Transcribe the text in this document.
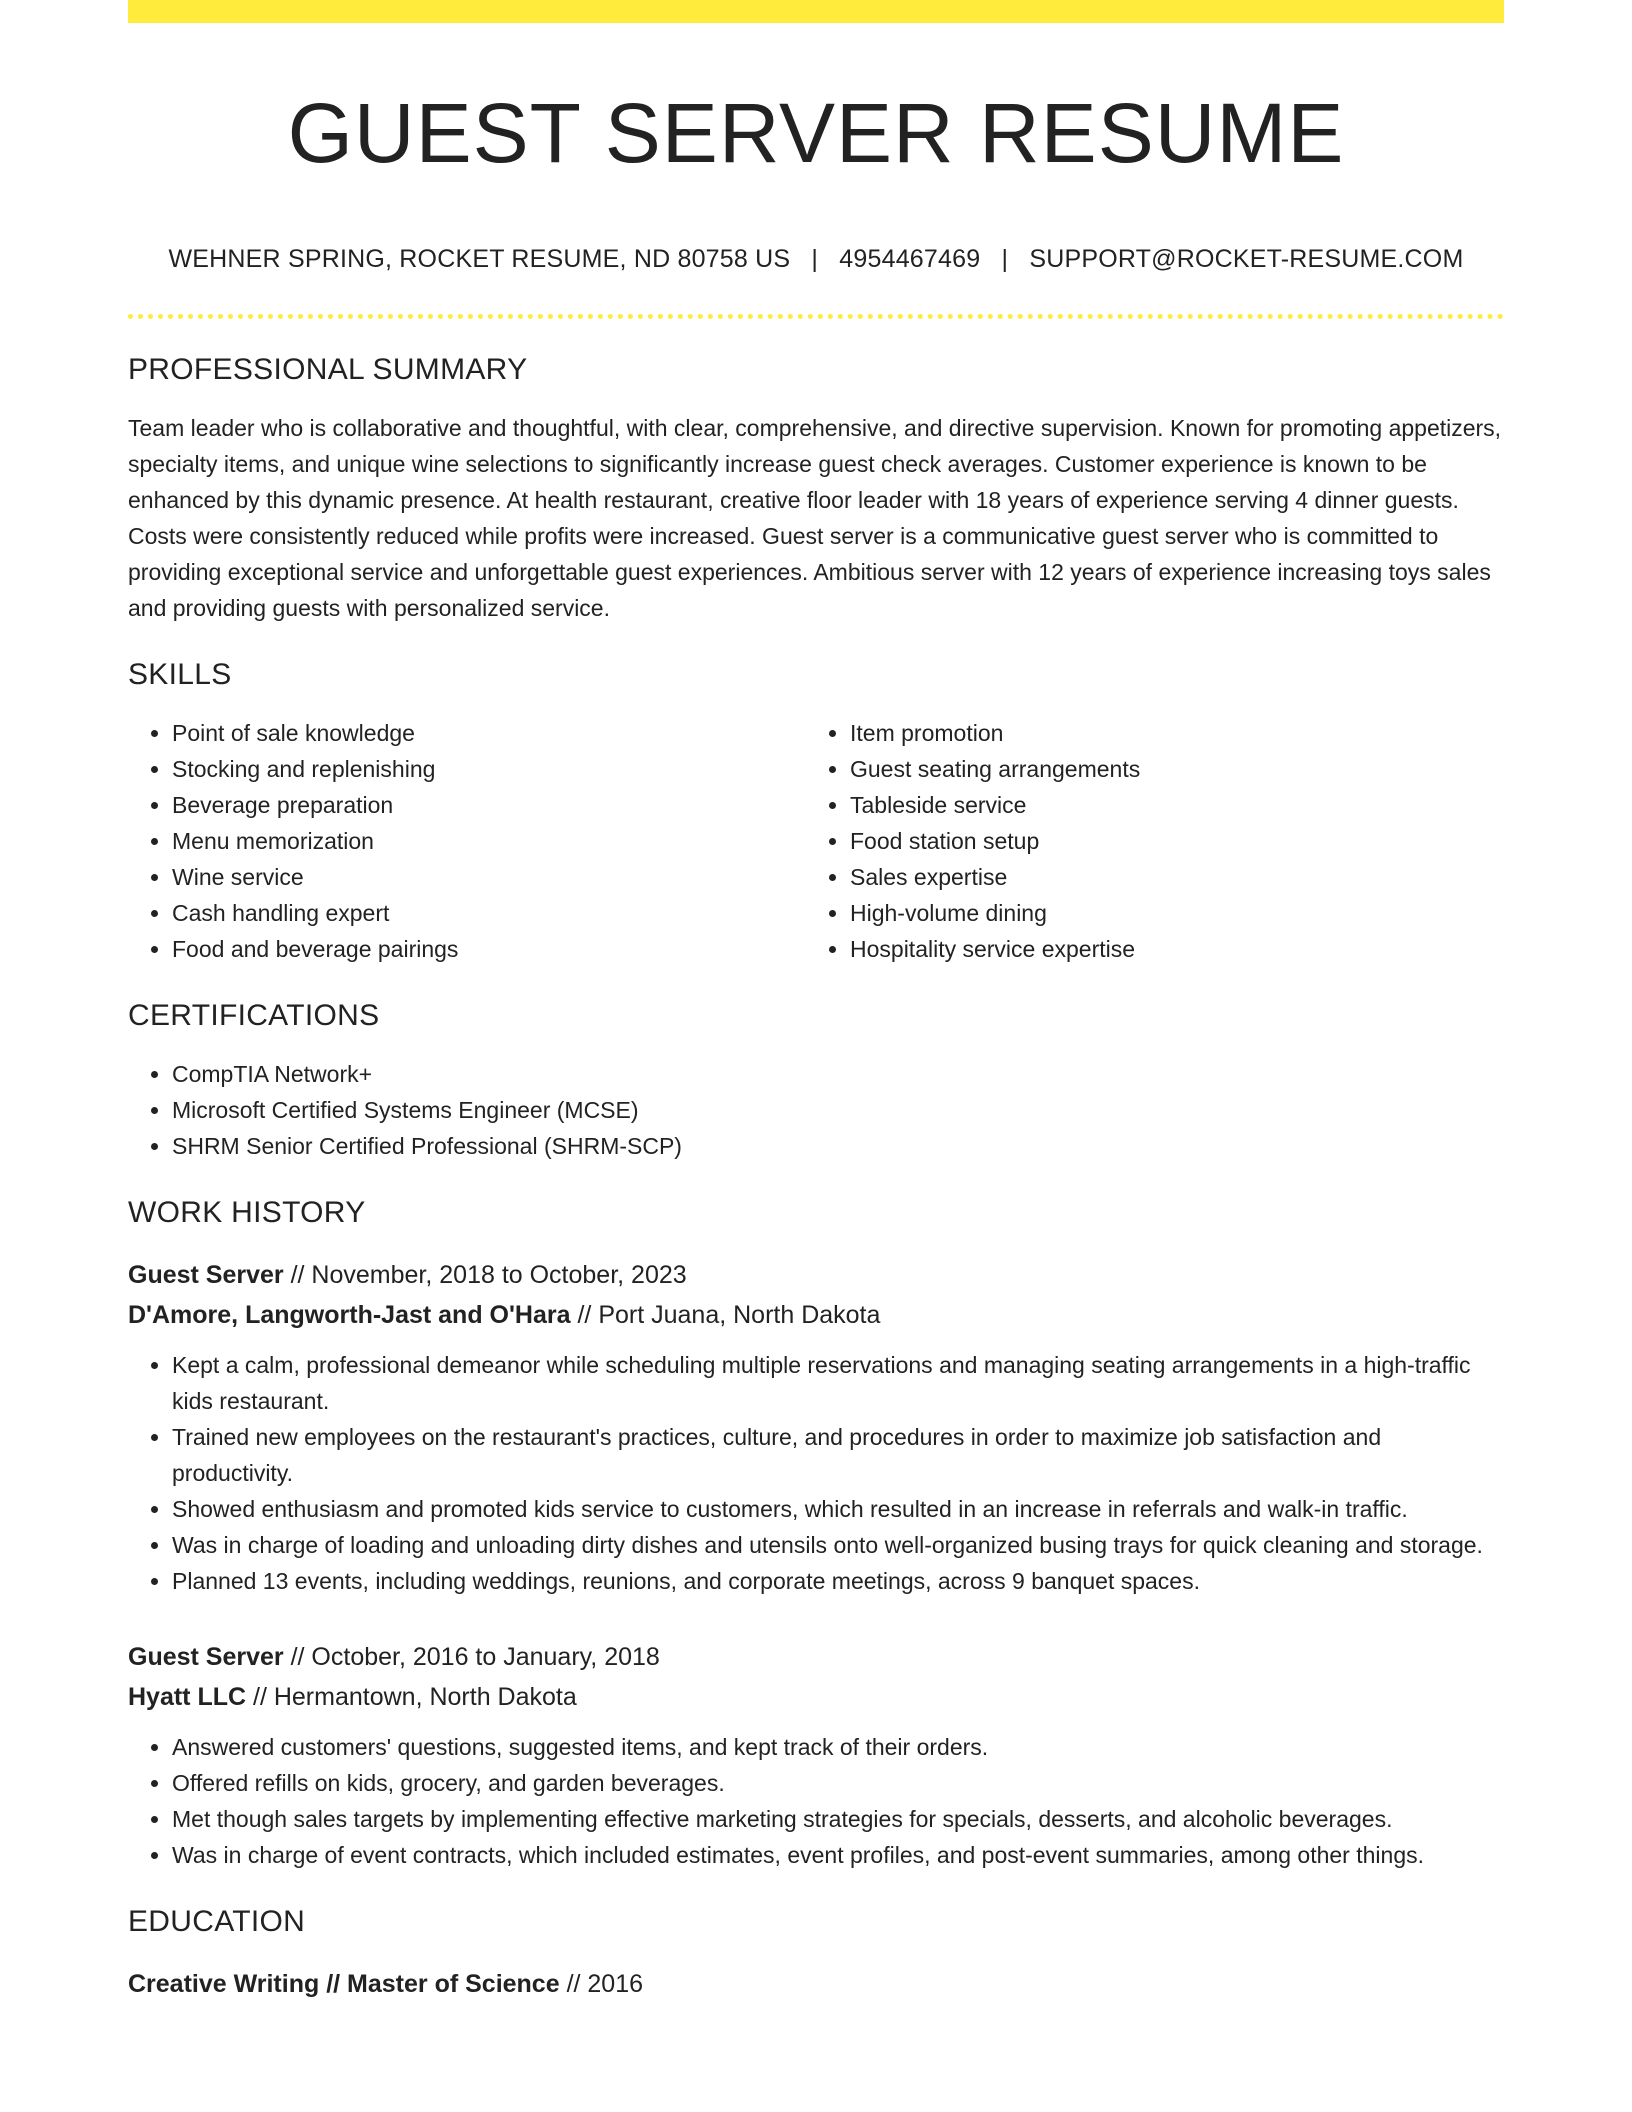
GUEST SERVER RESUME
WEHNER SPRING, ROCKET RESUME, ND 80758 US | 4954467469 | SUPPORT@ROCKET-RESUME.COM
PROFESSIONAL SUMMARY
Team leader who is collaborative and thoughtful, with clear, comprehensive, and directive supervision. Known for promoting appetizers, specialty items, and unique wine selections to significantly increase guest check averages. Customer experience is known to be enhanced by this dynamic presence. At health restaurant, creative floor leader with 18 years of experience serving 4 dinner guests. Costs were consistently reduced while profits were increased. Guest server is a communicative guest server who is committed to providing exceptional service and unforgettable guest experiences. Ambitious server with 12 years of experience increasing toys sales and providing guests with personalized service.
SKILLS
• Point of sale knowledge
• Stocking and replenishing
• Beverage preparation
• Menu memorization
• Wine service
• Cash handling expert
• Food and beverage pairings
• Item promotion
• Guest seating arrangements
• Tableside service
• Food station setup
• Sales expertise
• High-volume dining
• Hospitality service expertise
CERTIFICATIONS
• CompTIA Network+
• Microsoft Certified Systems Engineer (MCSE)
• SHRM Senior Certified Professional (SHRM-SCP)
WORK HISTORY
Guest Server // November, 2018 to October, 2023
D'Amore, Langworth-Jast and O'Hara // Port Juana, North Dakota
• Kept a calm, professional demeanor while scheduling multiple reservations and managing seating arrangements in a high-traffic kids restaurant.
• Trained new employees on the restaurant's practices, culture, and procedures in order to maximize job satisfaction and productivity.
• Showed enthusiasm and promoted kids service to customers, which resulted in an increase in referrals and walk-in traffic.
• Was in charge of loading and unloading dirty dishes and utensils onto well-organized busing trays for quick cleaning and storage.
• Planned 13 events, including weddings, reunions, and corporate meetings, across 9 banquet spaces.
Guest Server // October, 2016 to January, 2018
Hyatt LLC // Hermantown, North Dakota
• Answered customers' questions, suggested items, and kept track of their orders.
• Offered refills on kids, grocery, and garden beverages.
• Met though sales targets by implementing effective marketing strategies for specials, desserts, and alcoholic beverages.
• Was in charge of event contracts, which included estimates, event profiles, and post-event summaries, among other things.
EDUCATION
Creative Writing // Master of Science // 2016
